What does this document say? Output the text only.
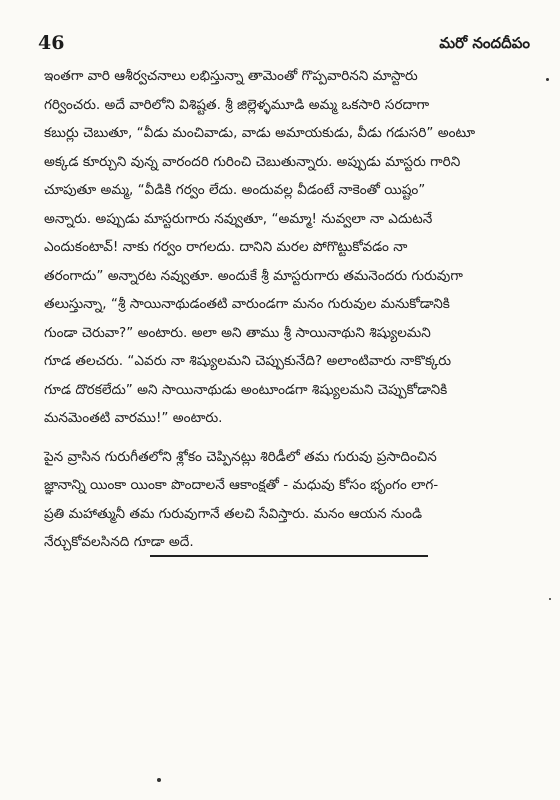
46	మరో నందదీపం

ఇంతగా వారి ఆశీర్వచనాలు లభిస్తున్నా తామెంతో గొప్పవారినని మాస్టారు
గర్వించరు. అదే వారిలోని విశిష్టత. శ్రీ జిల్లెళ్ళమూడి అమ్మ ఒకసారి సరదాగా
కబుర్లు చెబుతూ, “వీడు మంచివాడు, వాడు అమాయకుడు, వీడు గడుసరి” అంటూ
అక్కడ కూర్చుని వున్న వారందరి గురించి చెబుతున్నారు. అప్పుడు మాస్టరు గారిని
చూపుతూ అమ్మ, “వీడికి గర్వం లేదు. అందువల్ల వీడంటే నాకెంతో యిష్టం”
అన్నారు. అప్పుడు మాస్టరుగారు నవ్వుతూ, “అమ్మా! నువ్వలా నా ఎదుటనే
ఎందుకంటావ్! నాకు గర్వం రాగలదు. దానిని మరల పోగొట్టుకోవడం నా
తరంగాదు” అన్నారట నవ్వుతూ. అందుకే శ్రీ మాస్టరుగారు తమనెందరు గురువుగా
తలుస్తున్నా, “శ్రీ సాయినాథుడంతటి వారుండగా మనం గురువుల మనుకోడానికి
గుండా చెరువా?” అంటారు. అలా అని తాము శ్రీ సాయినాథుని శిష్యులమని
గూడ తలచరు. “ఎవరు నా శిష్యులమని చెప్పుకునేది? అలాంటివారు నాకొక్కరు
గూడ దొరకలేదు” అని సాయినాథుడు అంటూండగా శిష్యులమని చెప్పుకోడానికి
మనమెంతటి వారము!” అంటారు.

పైన వ్రాసిన గురుగీతలోని శ్లోకం చెప్పినట్లు శిరిడీలో తమ గురువు ప్రసాదించిన
జ్ఞానాన్ని యింకా యింకా పొందాలనే ఆకాంక్షతో - మధువు కోసం భృంగం లాగ-
ప్రతి మహాత్మునీ తమ గురువుగానే తలచి సేవిస్తారు. మనం ఆయన నుండి
నేర్చుకోవలసినది గూడా అదే.
